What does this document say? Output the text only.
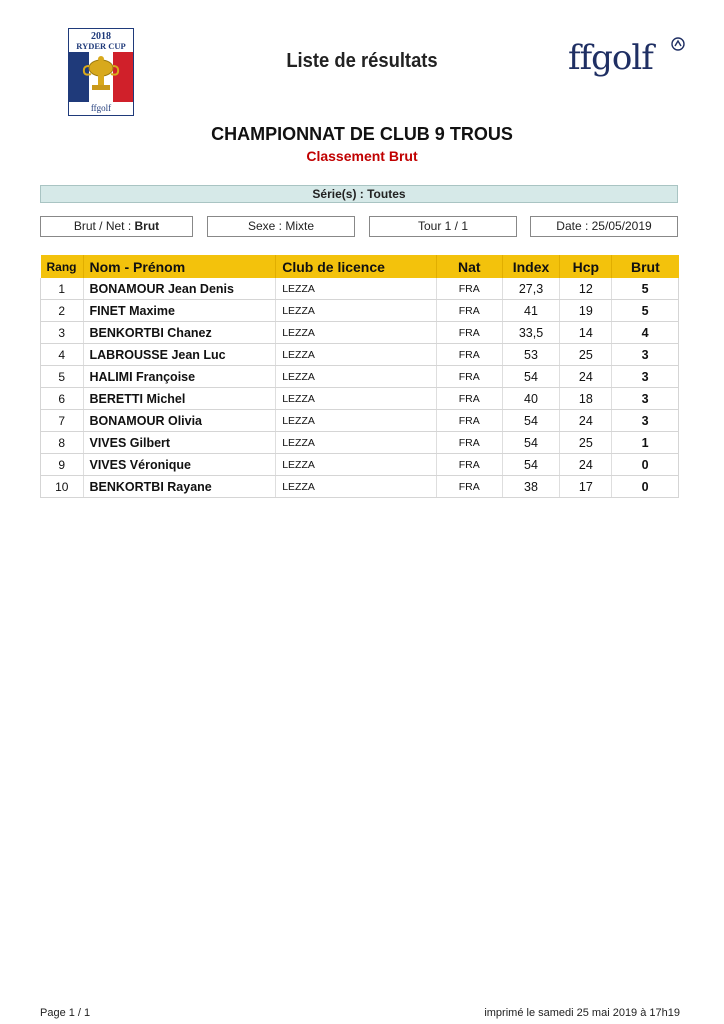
2018
RYDER CUP
ffgolf
Liste de résultats	ffgolf
CHAMPIONNAT DE CLUB 9 TROUS
Classement Brut
Série(s) : Toutes
Brut / Net : Brut	Sexe : Mixte	Tour 1 / 1	Date : 25/05/2019
Rang	Nom - Prénom	Club de licence	Nat	Index	Hcp	Brut
1	BONAMOUR Jean Denis	LEZZA	FRA	27,3	12	5
2	FINET Maxime	LEZZA	FRA	41	19	5
3	BENKORTBI Chanez	LEZZA	FRA	33,5	14	4
4	LABROUSSE Jean Luc	LEZZA	FRA	53	25	3
5	HALIMI Françoise	LEZZA	FRA	54	24	3
6	BERETTI Michel	LEZZA	FRA	40	18	3
7	BONAMOUR Olivia	LEZZA	FRA	54	24	3
8	VIVES Gilbert	LEZZA	FRA	54	25	1
9	VIVES Véronique	LEZZA	FRA	54	24	0
10	BENKORTBI Rayane	LEZZA	FRA	38	17	0
Page 1 / 1	imprimé le samedi 25 mai 2019 à 17h19
